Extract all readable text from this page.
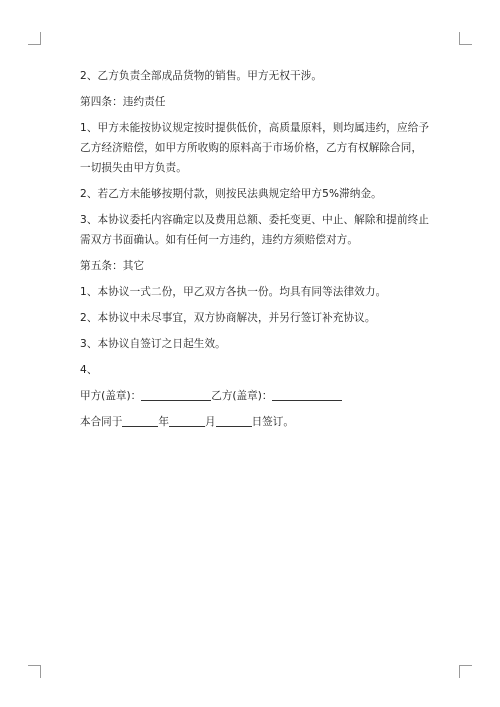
2、乙方负责全部成品货物的销售。甲方无权干涉。

第四条：违约责任

1、甲方未能按协议规定按时提供低价，高质量原料，则均属违约，应给予乙方经济赔偿，如甲方所收购的原料高于市场价格，乙方有权解除合同，一切损失由甲方负责。

2、若乙方未能够按期付款，则按民法典规定给甲方5%滞纳金。

3、本协议委托内容确定以及费用总额、委托变更、中止、解除和提前终止需双方书面确认。如有任何一方违约，违约方须赔偿对方。

第五条：其它

1、本协议一式二份，甲乙双方各执一份。均具有同等法律效力。

2、本协议中未尽事宜，双方协商解决，并另行签订补充协议。

3、本协议自签订之日起生效。

4、

甲方(盖章)：	乙方(盖章)：

本合同于	年	月	日签订。
